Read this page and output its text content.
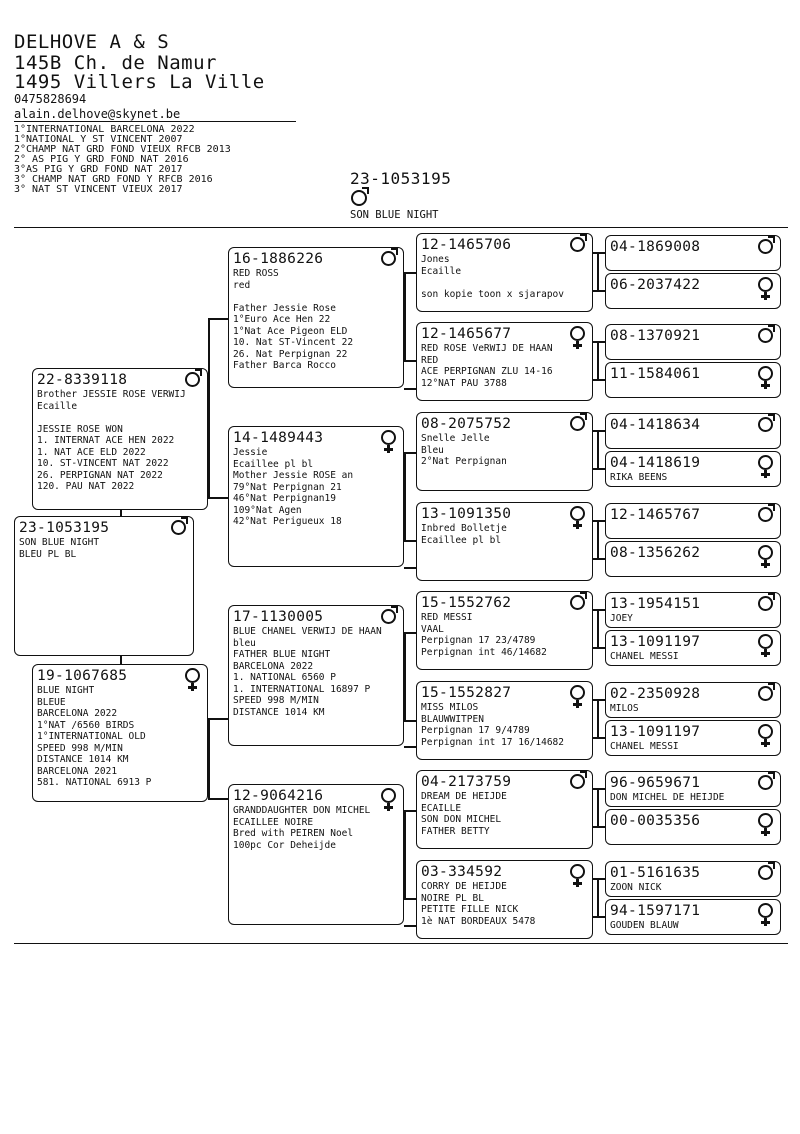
DELHOVE A & S
145B Ch. de Namur
1495 Villers La Ville
0475828694
alain.delhove@skynet.be
1°INTERNATIONAL BARCELONA 2022
1°NATIONAL Y ST VINCENT 2007
2°CHAMP NAT GRD FOND VIEUX RFCB 2013
2° AS PIG Y GRD FOND NAT 2016
3°AS PIG Y GRD FOND NAT 2017
3° CHAMP NAT GRD FOND Y RFCB 2016
3° NAT ST VINCENT VIEUX 2017
23-1053195
SON BLUE NIGHT
23-1053195
SON BLUE NIGHT
BLEU PL BL
22-8339118
Brother JESSIE ROSE VERWIJ
Ecaille

JESSIE ROSE WON
1. INTERNAT ACE HEN 2022
1. NAT ACE ELD 2022
10. ST-VINCENT NAT 2022
26. PERPIGNAN NAT 2022
120. PAU NAT 2022
19-1067685
BLUE NIGHT
BLEUE
BARCELONA 2022
1°NAT /6560 BIRDS
1°INTERNATIONAL OLD
SPEED 998 M/MIN
DISTANCE 1014 KM
BARCELONA 2021
581. NATIONAL 6913 P
16-1886226
RED ROSS
red

Father Jessie Rose
1°Euro Ace Hen 22
1°Nat Ace Pigeon ELD
10. Nat ST-Vincent 22
26. Nat Perpignan 22
Father Barca Rocco
14-1489443
Jessie
Ecaillee pl bl
Mother Jessie ROSE an
79°Nat Perpignan 21
46°Nat Perpignan19
109°Nat Agen
42°Nat Perigueux 18
17-1130005
BLUE CHANEL VERWIJ DE HAAN
bleu
FATHER BLUE NIGHT
BARCELONA 2022
1. NATIONAL 6560 P
1. INTERNATIONAL 16897 P
SPEED 998 M/MIN
DISTANCE 1014 KM
12-9064216
GRANDDAUGHTER DON MICHEL
ECAILLEE NOIRE
Bred with PEIREN Noel
100pc Cor Deheijde
12-1465706
Jones
Ecaille

son kopie toon x sjarapov
12-1465677
RED ROSE VeRWIJ DE HAAN
RED
ACE PERPIGNAN ZLU 14-16
12°NAT PAU 3788
08-2075752
Snelle Jelle
Bleu
2°Nat Perpignan
13-1091350
Inbred Bolletje
Ecaillee pl bl
15-1552762
RED MESSI
VAAL
Perpignan 17 23/4789
Perpignan int 46/14682
15-1552827
MISS MILOS
BLAUWWITPEN
Perpignan 17 9/4789
Perpignan int 17 16/14682
04-2173759
DREAM DE HEIJDE
ECAILLE
SON DON MICHEL
FATHER BETTY
03-334592
CORRY DE HEIJDE
NOIRE PL BL
PETITE FILLE NICK
1è NAT BORDEAUX 5478
04-1869008
06-2037422
08-1370921
11-1584061
04-1418634
04-1418619
RIKA BEENS
12-1465767
08-1356262
13-1954151
JOEY
13-1091197
CHANEL MESSI
02-2350928
MILOS
13-1091197
CHANEL MESSI
96-9659671
DON MICHEL DE HEIJDE
00-0035356
01-5161635
ZOON NICK
94-1597171
GOUDEN BLAUW
